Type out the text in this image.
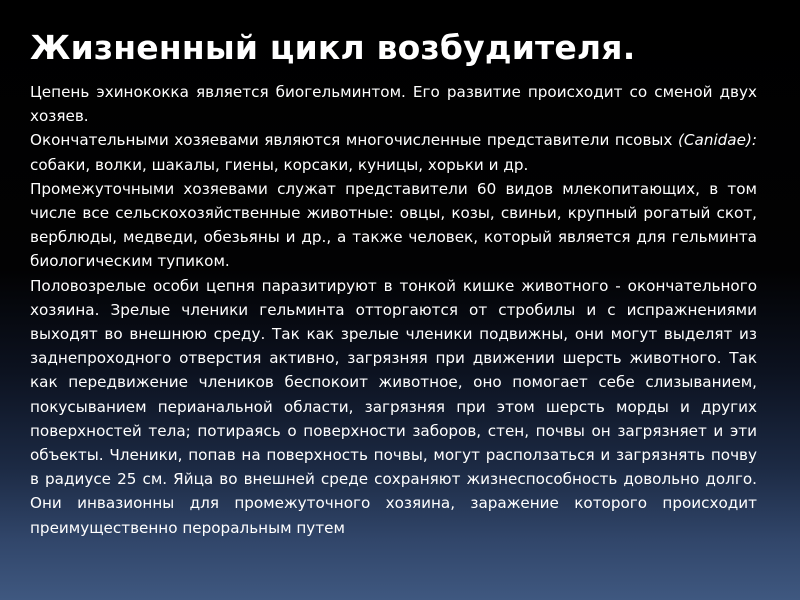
Жизненный цикл возбудителя.

Цепень эхинококка является биогельминтом. Его развитие происходит со сменой двух хозяев.

Окончательными хозяевами являются многочисленные представители псовых (Canidae): собаки, волки, шакалы, гиены, корсаки, куницы, хорьки и др.

Промежуточными хозяевами служат представители 60 видов млекопитающих, в том числе все сельскохозяйственные животные: овцы, козы, свиньи, крупный рогатый скот, верблюды, медведи, обезьяны и др., а также человек, который является для гельминта биологическим тупиком.

Половозрелые особи цепня паразитируют в тонкой кишке животного - окончательного хозяина. Зрелые членики гельминта отторгаются от стробилы и с испражнениями выходят во внешнюю среду. Так как зрелые членики подвижны, они могут выделят из заднепроходного отверстия активно, загрязняя при движении шерсть животного. Так как передвижение члеников беспокоит животное, оно помогает себе слизыванием, покусыванием перианальной области, загрязняя при этом шерсть морды и других поверхностей тела; потираясь о поверхности заборов, стен, почвы он загрязняет и эти объекты. Членики, попав на поверхность почвы, могут расползаться и загрязнять почву в радиусе 25 см. Яйца во внешней среде сохраняют жизнеспособность довольно долго. Они инвазионны для промежуточного хозяина, заражение которого происходит преимущественно пероральным путем
